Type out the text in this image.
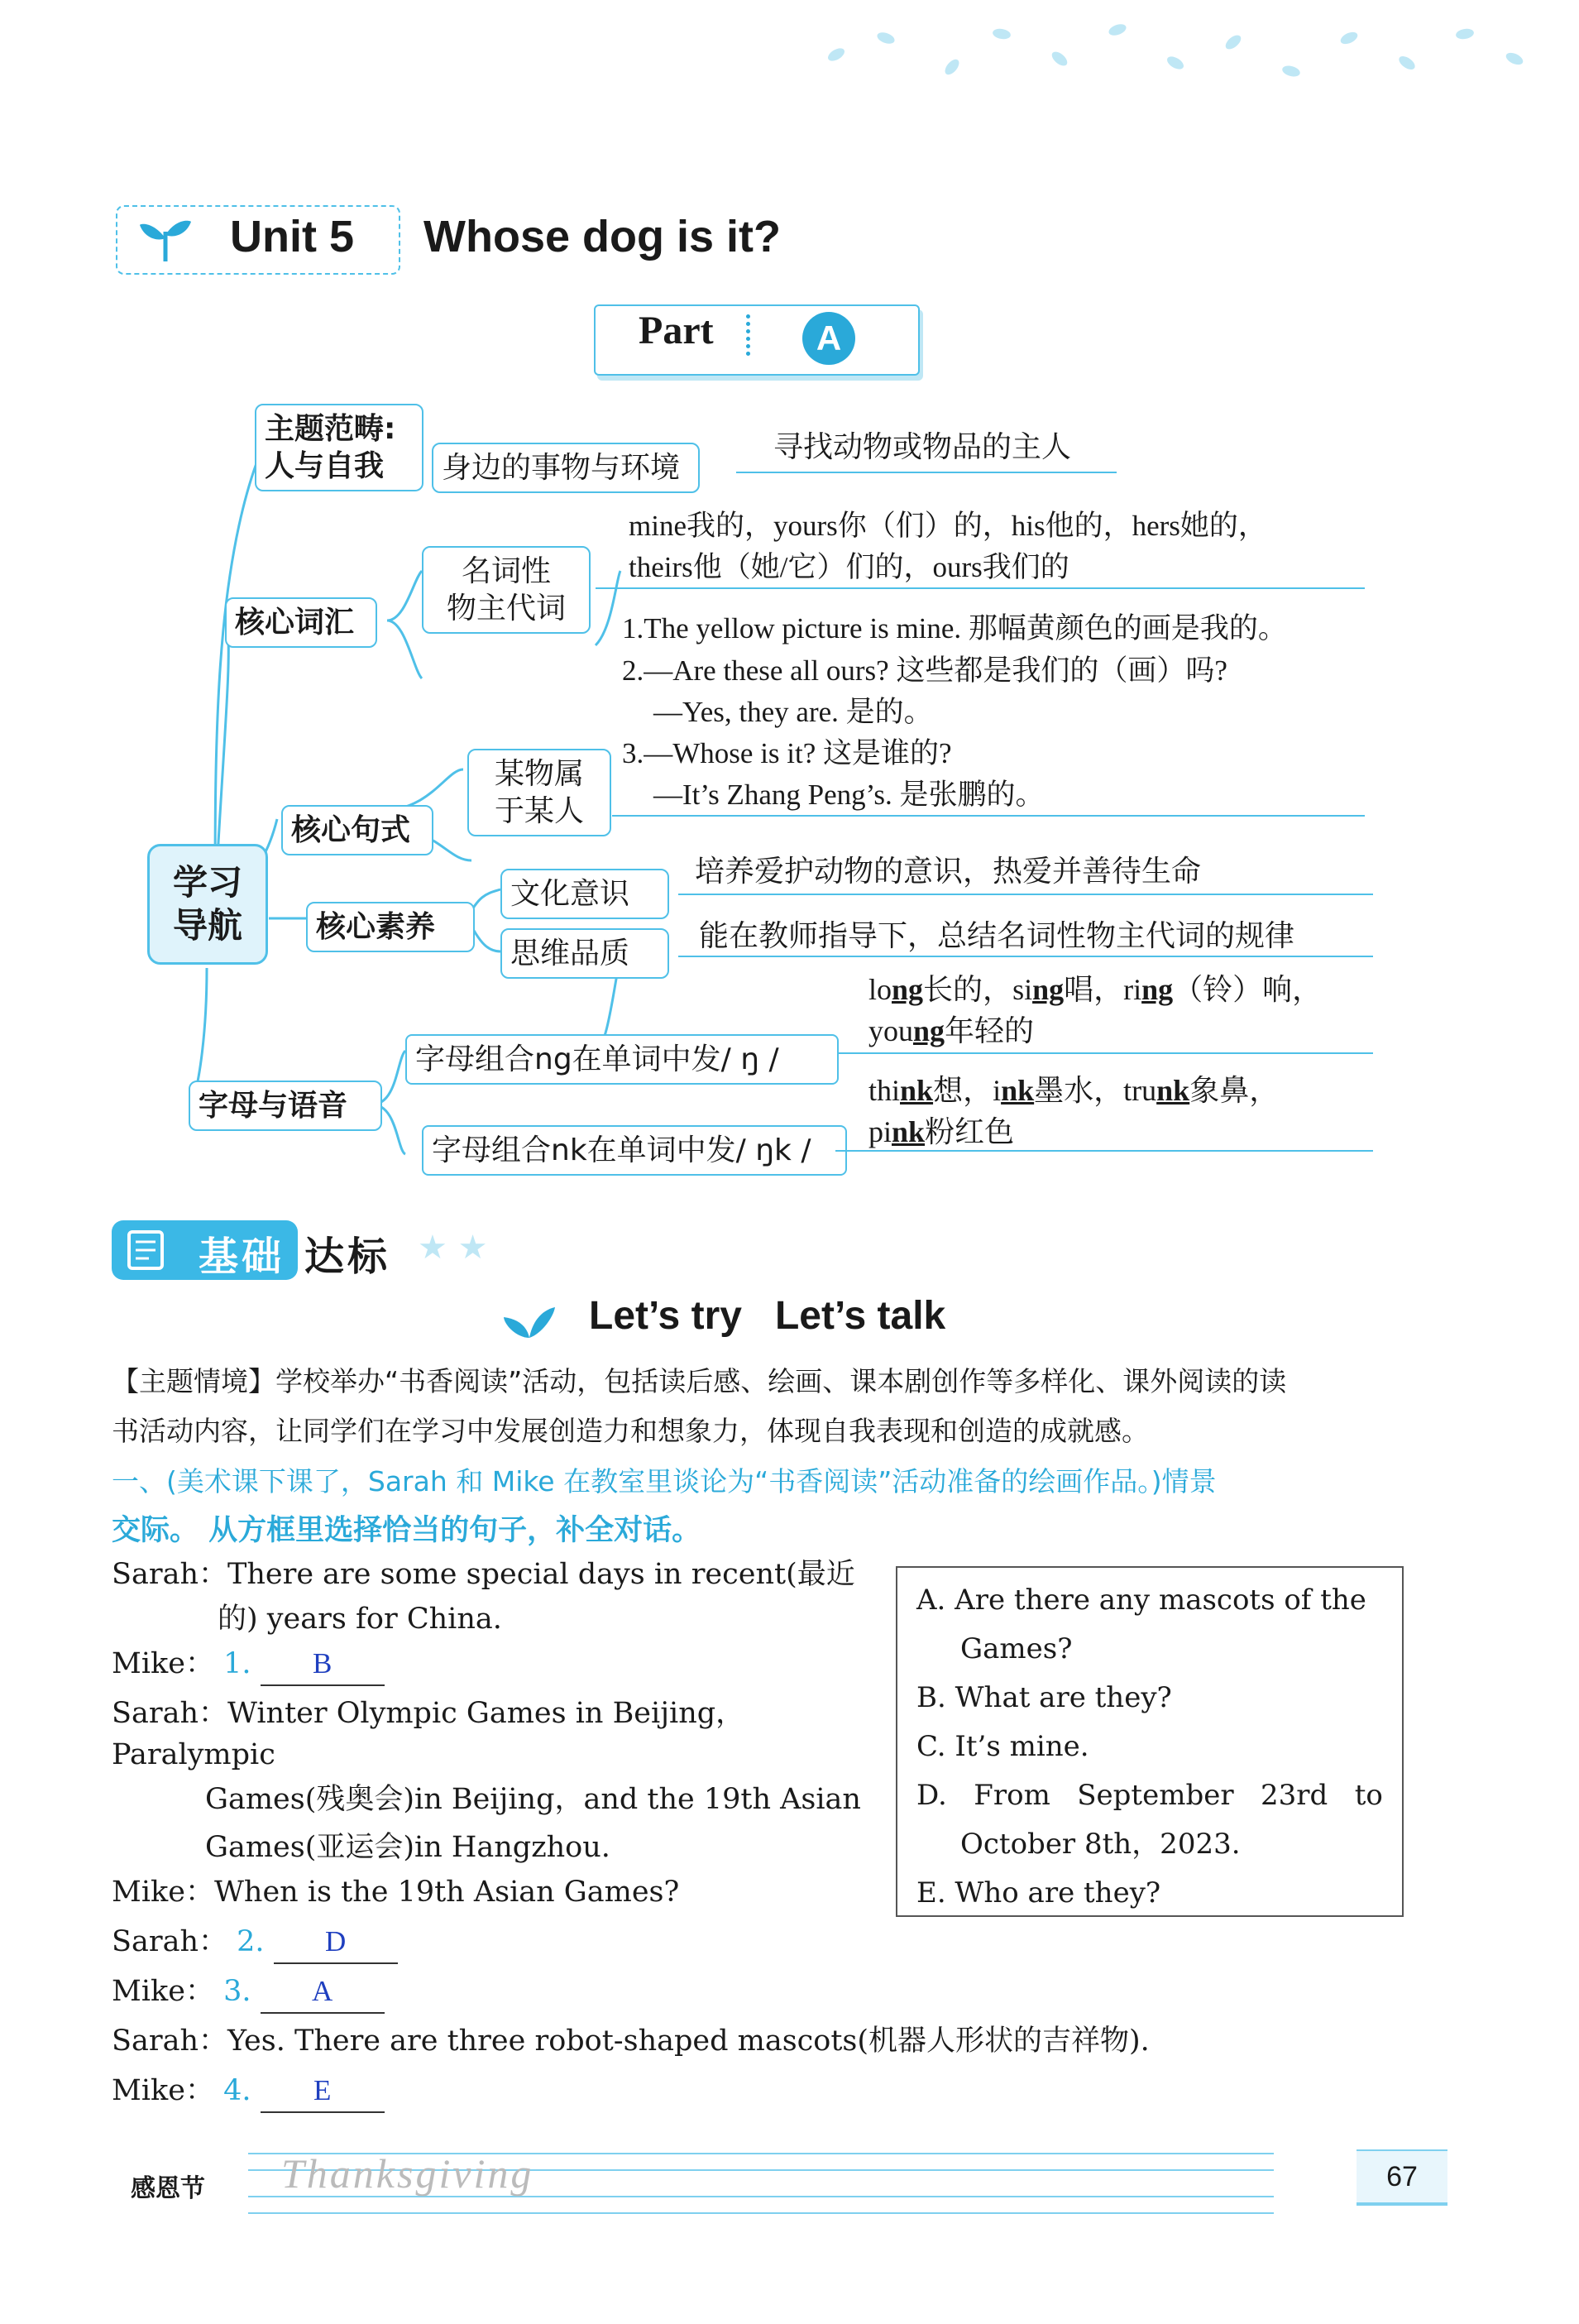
Unit 5 Whose dog is it?
Part	A
学习
导航
主题范畴:
人与自我	身边的事物与环境
寻找动物或物品的主人
核心词汇
名词性
物主代词
mine我的，yours你（们）的，his他的，hers她的，
theirs他（她/它）们的，ours我们的
1.The yellow picture is mine. 那幅黄颜色的画是我的。
2.—Are these all ours? 这些都是我们的（画）吗?
—Yes, they are. 是的。
3.—Whose is it? 这是谁的?
—It’s Zhang Peng’s. 是张鹏的。
某物属
于某人
核心句式
核心素养
文化意识
思维品质
培养爱护动物的意识，热爱并善待生命
能在教师指导下，总结名词性物主代词的规律
long长的，sing唱，ring（铃）响，
young年轻的
字母组合ng在单词中发/ ŋ /
字母与语音
字母组合nk在单词中发/ ŋk /
think想，ink墨水，trunk象鼻，
pink粉红色
基础 达标 ★ ★
Let’s try   Let’s talk
【主题情境】学校举办“书香阅读”活动，包括读后感、绘画、课本剧创作等多样化、课外阅读的读
书活动内容，让同学们在学习中发展创造力和想象力，体现自我表现和创造的成就感。
一、(美术课下课了，Sarah 和 Mike 在教室里谈论为“书香阅读”活动准备的绘画作品。)情景
交际。 从方框里选择恰当的句子，补全对话。
Sarah：There are some special days in recent(最近
的) years for China.
Mike： 1. B
Sarah：Winter Olympic Games in Beijing，Paralympic
Games(残奥会)in Beijing，and the 19th Asian
Games(亚运会)in Hangzhou.
Mike：When is the 19th Asian Games?
Sarah： 2. D
Mike： 3. A
Sarah：Yes. There are three robot-shaped mascots(机器人形状的吉祥物).
Mike： 4. E
A. Are there any mascots of the
Games?
B. What are they?
C. It’s mine.
D.   From   September   23rd   to
October 8th，2023.
E. Who are they?
感恩节 Thanksgiving	67
